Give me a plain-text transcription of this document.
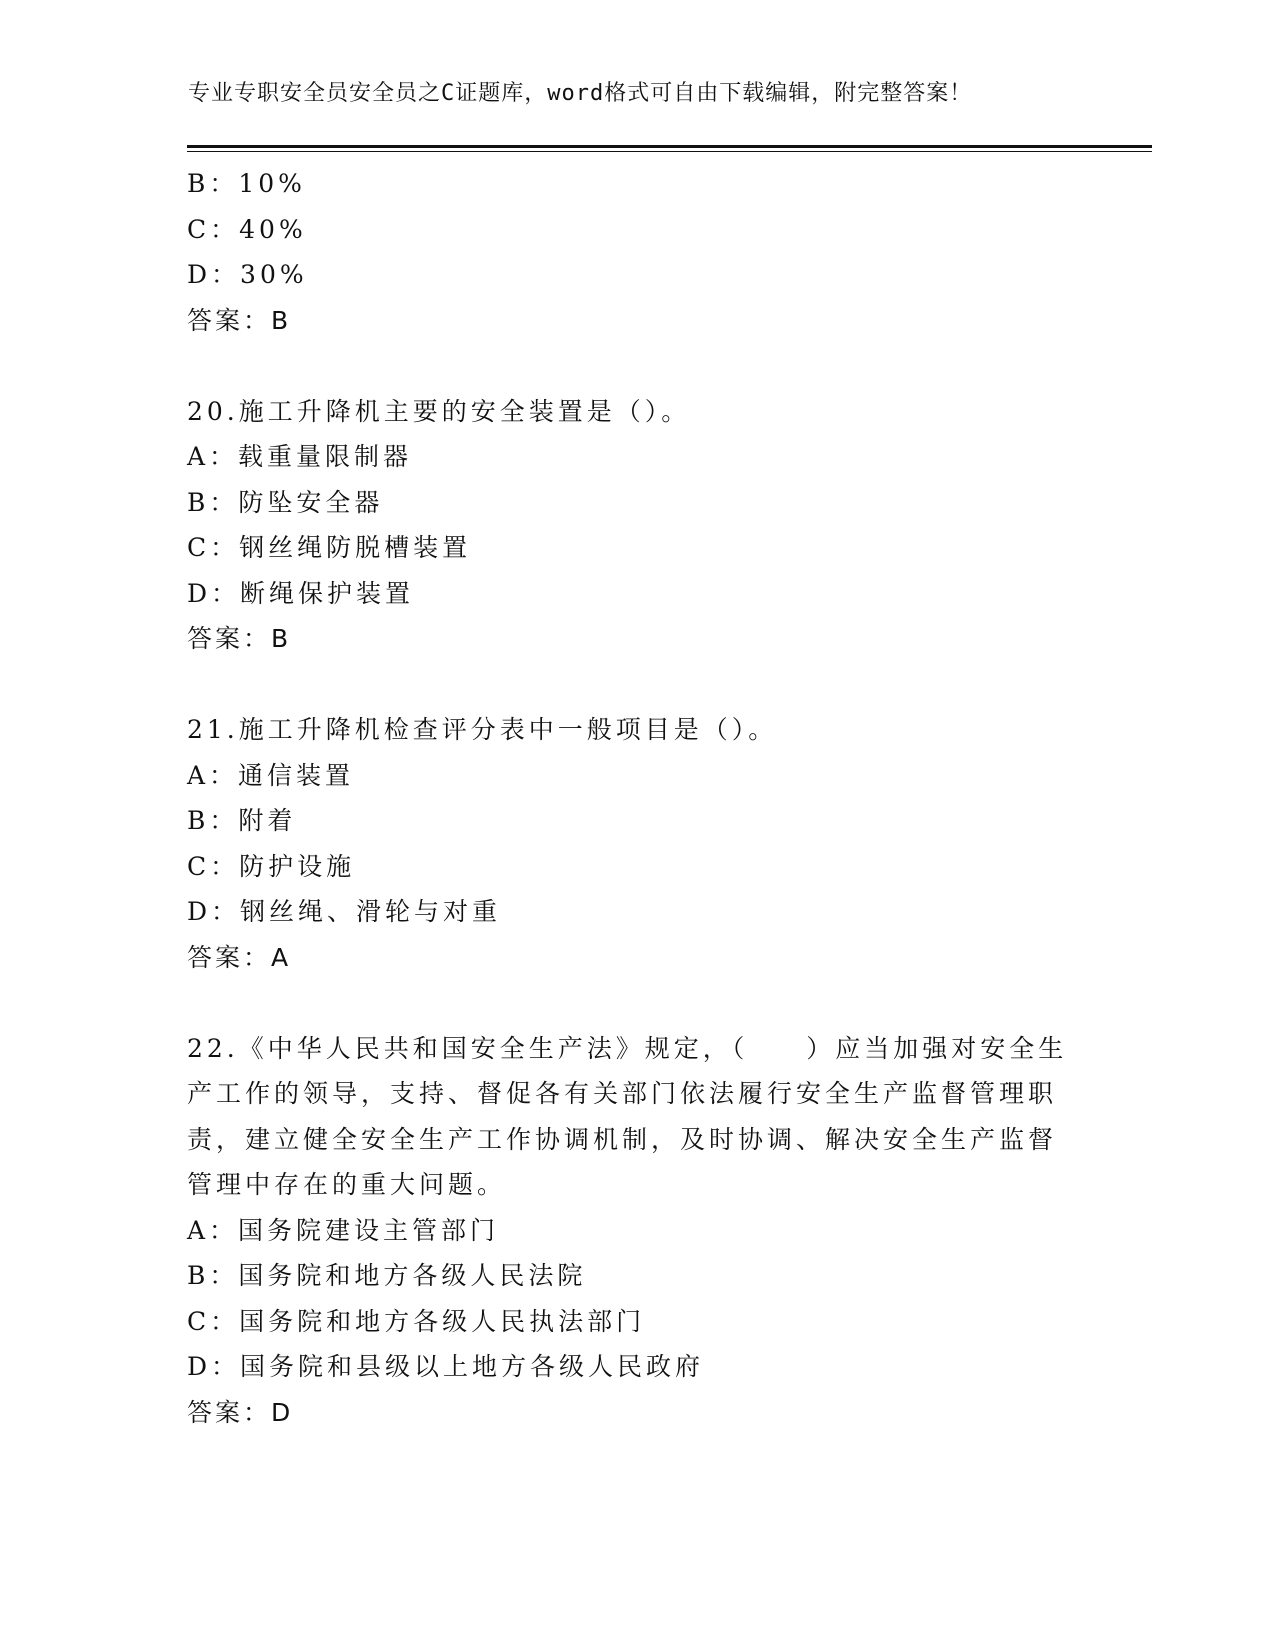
专业专职安全员安全员之C证题库，word格式可自由下载编辑，附完整答案！
B：10%
C：40%
D：30%
答案：B
20.施工升降机主要的安全装置是（）。
A：载重量限制器
B：防坠安全器
C：钢丝绳防脱槽装置
D：断绳保护装置
答案：B
21.施工升降机检查评分表中一般项目是（）。
A：通信装置
B：附着
C：防护设施
D：钢丝绳、滑轮与对重
答案：A
22.《中华人民共和国安全生产法》规定，（　　）应当加强对安全生
产工作的领导，支持、督促各有关部门依法履行安全生产监督管理职
责，建立健全安全生产工作协调机制，及时协调、解决安全生产监督
管理中存在的重大问题。
A：国务院建设主管部门
B：国务院和地方各级人民法院
C：国务院和地方各级人民执法部门
D：国务院和县级以上地方各级人民政府
答案：D
